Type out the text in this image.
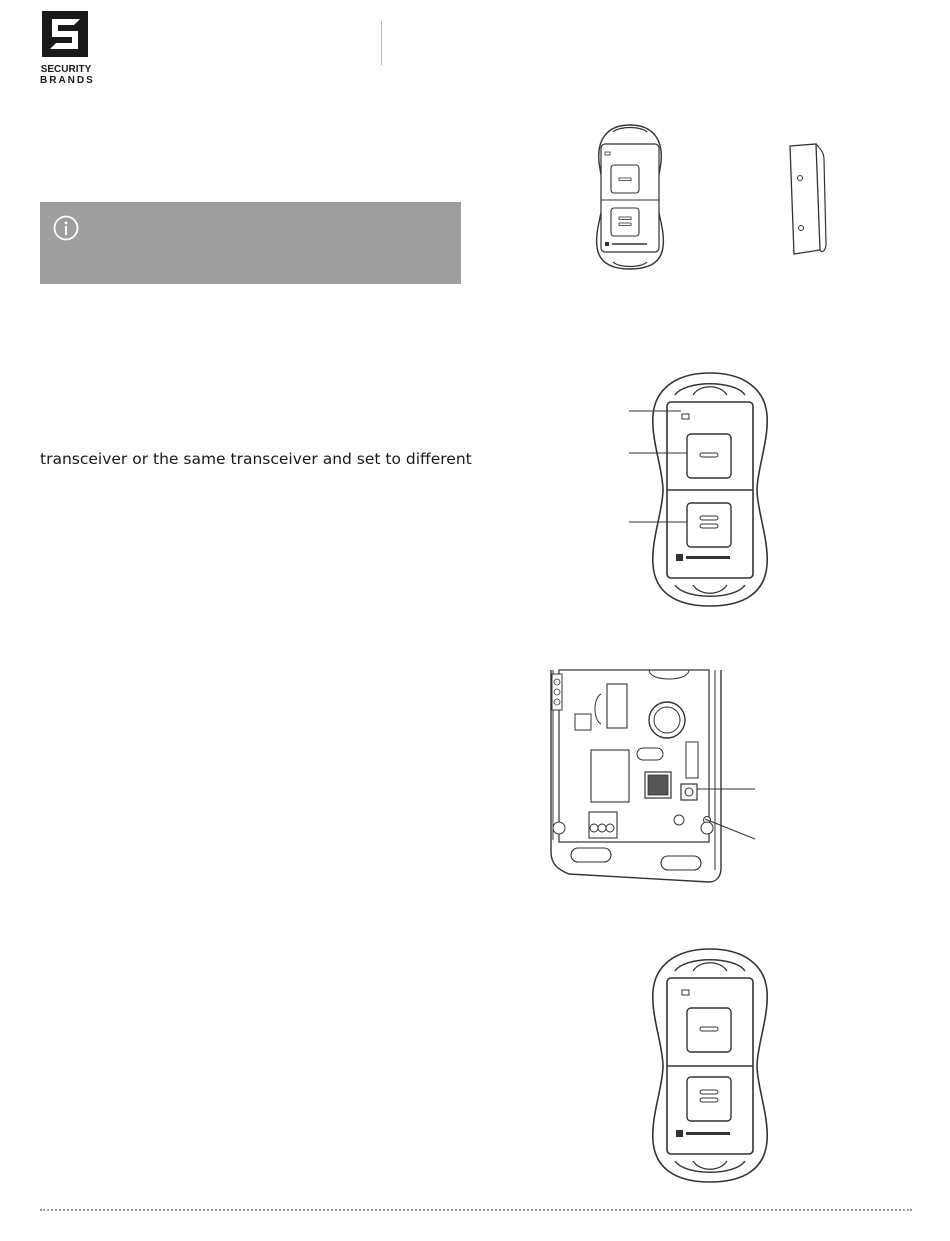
SECURITY
BRANDS
transceiver or the same transceiver and set to different
